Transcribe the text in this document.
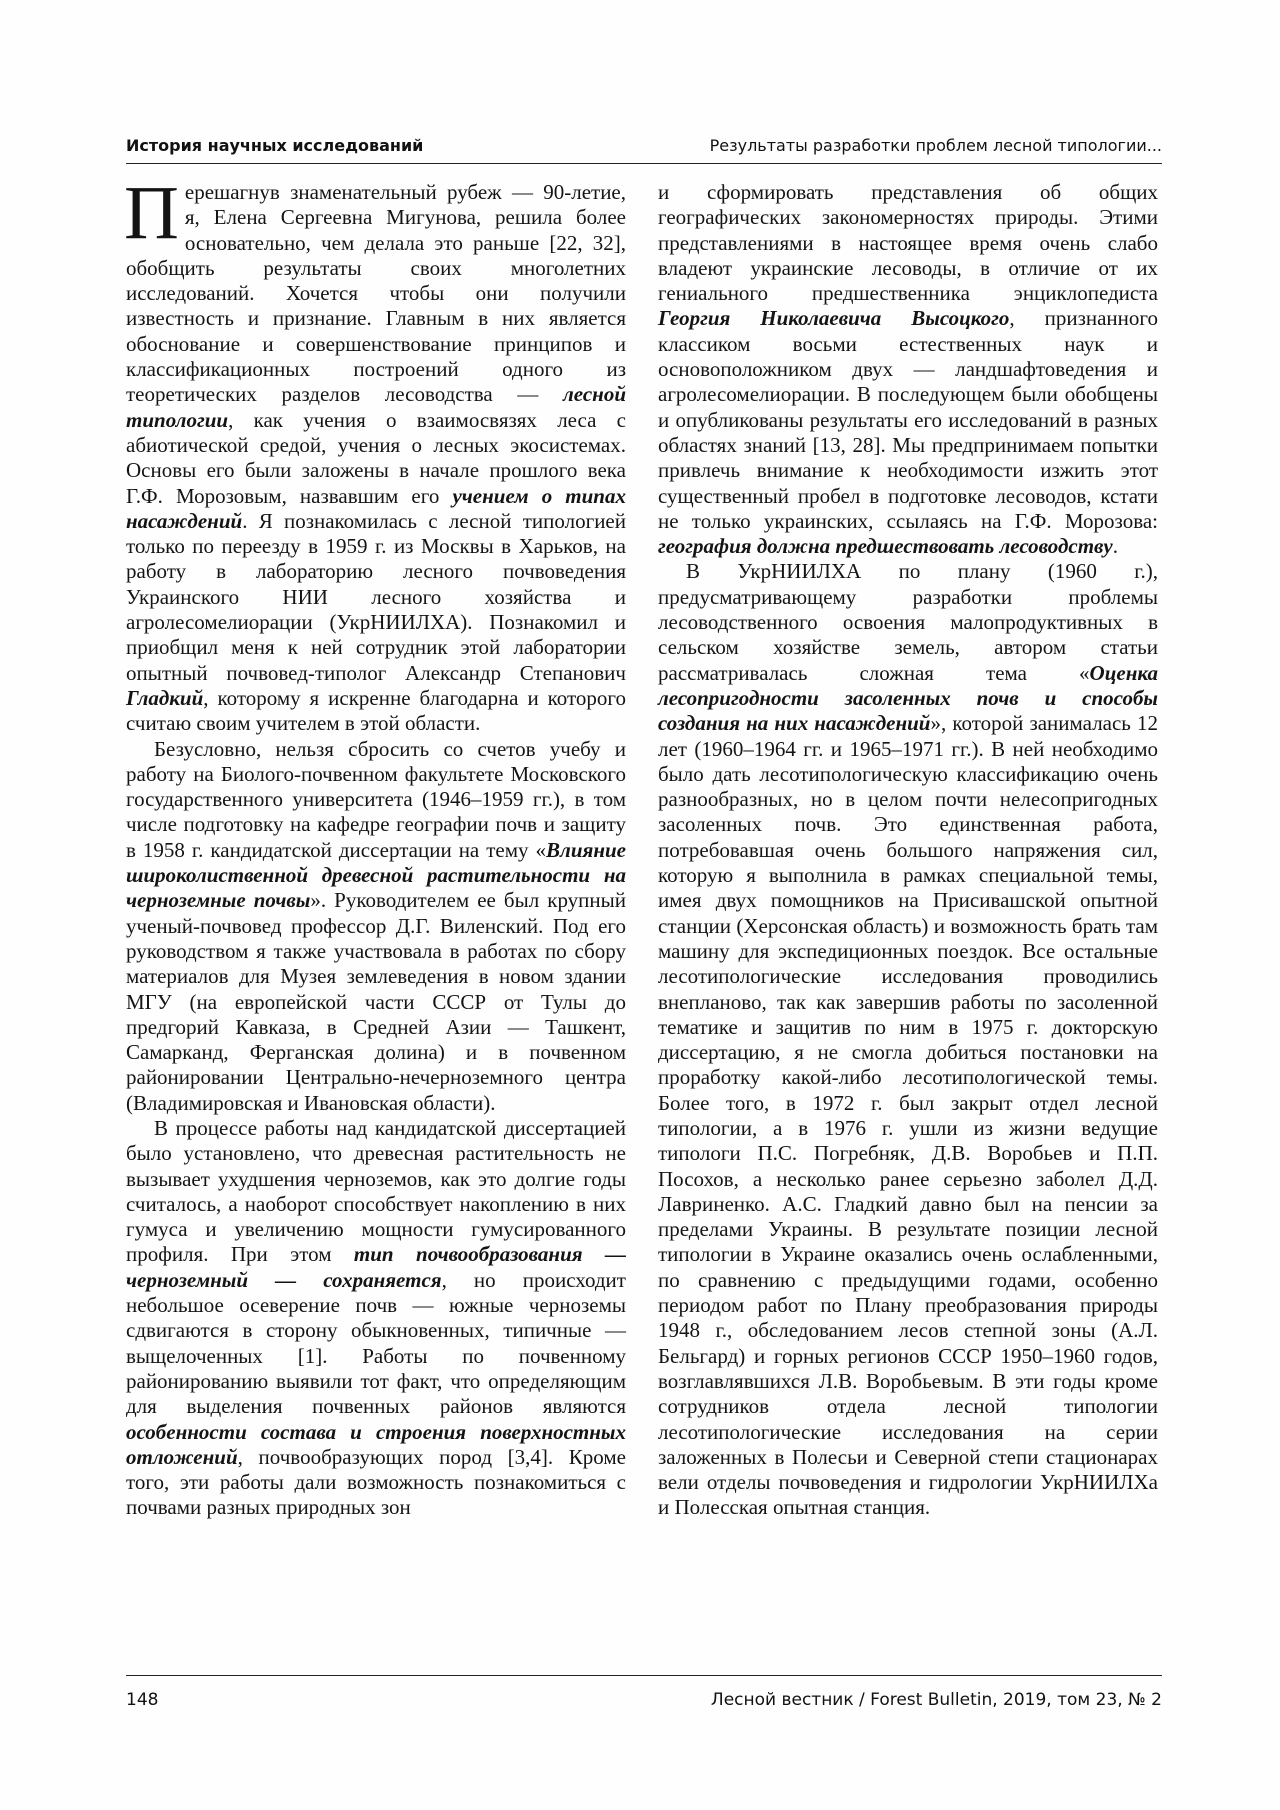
История научных исследований	Результаты разработки проблем лесной типологии...

Перешагнув знаменательный рубеж — 90-летие, я, Елена Сергеевна Мигунова, решила более основательно, чем делала это раньше [22, 32], обобщить результаты своих многолетних исследований. Хочется чтобы они получили известность и признание. Главным в них является обоснование и совершенствование принципов и классификационных построений одного из теоретических разделов лесоводства — лесной типологии, как учения о взаимосвязях леса с абиотической средой, учения о лесных экосистемах. Основы его были заложены в начале прошлого века Г.Ф. Морозовым, назвавшим его учением о типах насаждений. Я познакомилась с лесной типологией только по переезду в 1959 г. из Москвы в Харьков, на работу в лабораторию лесного почвоведения Украинского НИИ лесного хозяйства и агролесомелиорации (УкрНИИЛХА). Познакомил и приобщил меня к ней сотрудник этой лаборатории опытный почвовед-типолог Александр Степанович Гладкий, которому я искренне благодарна и которого считаю своим учителем в этой области.

Безусловно, нельзя сбросить со счетов учебу и работу на Биолого-почвенном факультете Московского государственного университета (1946–1959 гг.), в том числе подготовку на кафедре географии почв и защиту в 1958 г. кандидатской диссертации на тему «Влияние широколиственной древесной растительности на черноземные почвы». Руководителем ее был крупный ученый-почвовед профессор Д.Г. Виленский. Под его руководством я также участвовала в работах по сбору материалов для Музея землеведения в новом здании МГУ (на европейской части СССР от Тулы до предгорий Кавказа, в Средней Азии — Ташкент, Самарканд, Ферганская долина) и в почвенном районировании Центрально-нечерноземного центра (Владимировская и Ивановская области).

В процессе работы над кандидатской диссертацией было установлено, что древесная растительность не вызывает ухудшения черноземов, как это долгие годы считалось, а наоборот способствует накоплению в них гумуса и увеличению мощности гумусированного профиля. При этом тип почвообразования — черноземный — сохраняется, но происходит небольшое осеверение почв — южные черноземы сдвигаются в сторону обыкновенных, типичные — выщелоченных [1]. Работы по почвенному районированию выявили тот факт, что определяющим для выделения почвенных районов являются особенности состава и строения поверхностных отложений, почвообразующих пород [3,4]. Кроме того, эти работы дали возможность познакомиться с почвами разных природных зон

и сформировать представления об общих географических закономерностях природы. Этими представлениями в настоящее время очень слабо владеют украинские лесоводы, в отличие от их гениального предшественника энциклопедиста Георгия Николаевича Высоцкого, признанного классиком восьми естественных наук и основоположником двух — ландшафтоведения и агролесомелиорации. В последующем были обобщены и опубликованы результаты его исследований в разных областях знаний [13, 28]. Мы предпринимаем попытки привлечь внимание к необходимости изжить этот существенный пробел в подготовке лесоводов, кстати не только украинских, ссылаясь на Г.Ф. Морозова: география должна предшествовать лесоводству.

В УкрНИИЛХА по плану (1960 г.), предусматривающему разработки проблемы лесоводственного освоения малопродуктивных в сельском хозяйстве земель, автором статьи рассматривалась сложная тема «Оценка лесопригодности засоленных почв и способы создания на них насаждений», которой занималась 12 лет (1960–1964 гг. и 1965–1971 гг.). В ней необходимо было дать лесотипологическую классификацию очень разнообразных, но в целом почти нелесопригодных засоленных почв. Это единственная работа, потребовавшая очень большого напряжения сил, которую я выполнила в рамках специальной темы, имея двух помощников на Присивашской опытной станции (Херсонская область) и возможность брать там машину для экспедиционных поездок. Все остальные лесотипологические исследования проводились внепланово, так как завершив работы по засоленной тематике и защитив по ним в 1975 г. докторскую диссертацию, я не смогла добиться постановки на проработку какой-либо лесотипологической темы. Более того, в 1972 г. был закрыт отдел лесной типологии, а в 1976 г. ушли из жизни ведущие типологи П.С. Погребняк, Д.В. Воробьев и П.П. Посохов, а несколько ранее серьезно заболел Д.Д. Лавриненко. А.С. Гладкий давно был на пенсии за пределами Украины. В результате позиции лесной типологии в Украине оказались очень ослабленными, по сравнению с предыдущими годами, особенно периодом работ по Плану преобразования природы 1948 г., обследованием лесов степной зоны (А.Л. Бельгард) и горных регионов СССР 1950–1960 годов, возглавлявшихся Л.В. Воробьевым. В эти годы кроме сотрудников отдела лесной типологии лесотипологические исследования на серии заложенных в Полесьи и Северной степи стационарах вели отделы почвоведения и гидрологии УкрНИИЛХа и Полесская опытная станция.

148	Лесной вестник / Forest Bulletin, 2019, том 23, № 2
